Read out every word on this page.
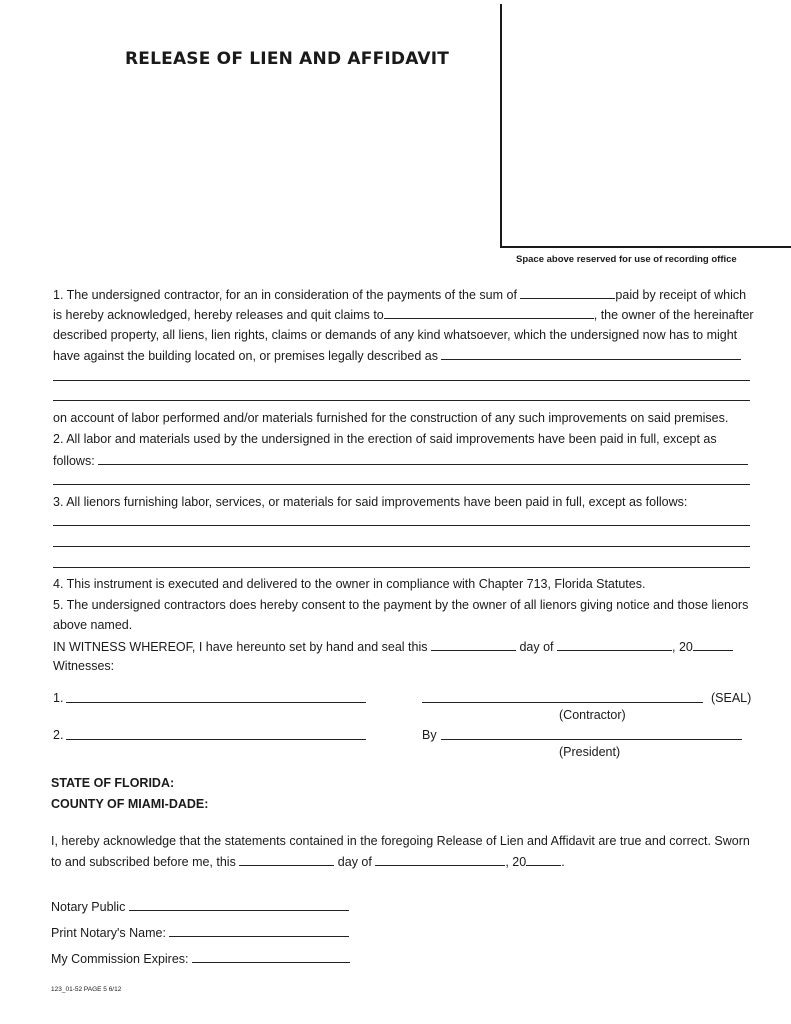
RELEASE OF LIEN AND AFFIDAVIT
Space above reserved for use of recording office
1. The undersigned contractor, for an in consideration of the payments of the sum of	paid by receipt of which
is hereby acknowledged, hereby releases and quit claims to	, the owner of the hereinafter
described property, all liens, lien rights, claims or demands of any kind whatsoever, which the undersigned now has to might
have against the building located on, or premises legally described as
on account of labor performed and/or materials furnished for the construction of any such improvements on said premises.
2. All labor and materials used by the undersigned in the erection of said improvements have been paid in full, except as
follows:
3. All lienors furnishing labor, services, or materials for said improvements have been paid in full, except as follows:
4. This instrument is executed and delivered to the owner in compliance with Chapter 713, Florida Statutes.
5. The undersigned contractors does hereby consent to the payment by the owner of all lienors giving notice and those lienors
above named.
IN WITNESS WHEREOF, I have hereunto set by hand and seal this	day of	, 20
Witnesses:
1.	(SEAL)
(Contractor)
2.	By
(President)
STATE OF FLORIDA:
COUNTY OF MIAMI-DADE:
I, hereby acknowledge that the statements contained in the foregoing Release of Lien and Affidavit are true and correct. Sworn
to and subscribed before me, this	day of	, 20	.
Notary Public
Print Notary's Name:
My Commission Expires:
123_01-52 PAGE 5 6/12
